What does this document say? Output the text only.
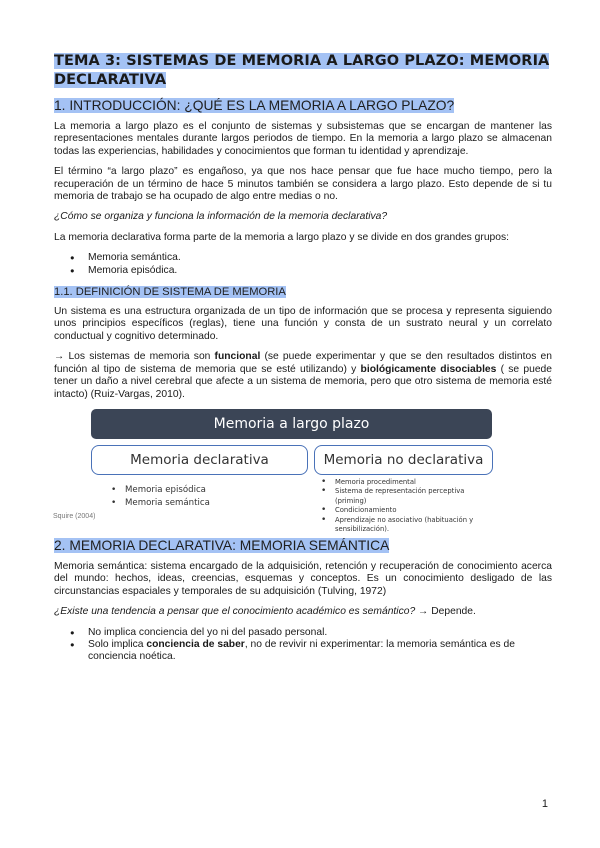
TEMA 3: SISTEMAS DE MEMORIA A LARGO PLAZO: MEMORIA DECLARATIVA
1. INTRODUCCIÓN: ¿QUÉ ES LA MEMORIA A LARGO PLAZO?

La memoria a largo plazo es el conjunto de sistemas y subsistemas que se encargan de mantener las representaciones mentales durante largos periodos de tiempo. En la memoria a largo plazo se almacenan todas las experiencias, habilidades y conocimientos que forman tu identidad y aprendizaje.

El término “a largo plazo” es engañoso, ya que nos hace pensar que fue hace mucho tiempo, pero la recuperación de un término de hace 5 minutos también se considera a largo plazo. Esto depende de si tu memoria de trabajo se ha ocupado de algo entre medias o no.

¿Cómo se organiza y funciona la información de la memoria declarativa?

La memoria declarativa forma parte de la memoria a largo plazo y se divide en dos grandes grupos:

● Memoria semántica.
● Memoria episódica.
1.1. DEFINICIÓN DE SISTEMA DE MEMORIA

Un sistema es una estructura organizada de un tipo de información que se procesa y representa siguiendo unos principios específicos (reglas), tiene una función y consta de un sustrato neural y un correlato conductual y cognitivo determinado.

→ Los sistemas de memoria son funcional (se puede experimentar y que se den resultados distintos en función al tipo de sistema de memoria que se esté utilizando) y biológicamente disociables ( se puede tener un daño a nivel cerebral que afecte a un sistema de memoria, pero que otro sistema de memoria esté intacto) (Ruiz-Vargas, 2010).

Memoria a largo plazo
Memoria declarativa	Memoria no declarativa
• Memoria episódica
• Memoria semántica
• Memoria procedimental
• Sistema de representación perceptiva (priming)
• Condicionamiento
• Aprendizaje no asociativo (habituación y sensibilización).
Squire (2004)
2. MEMORIA DECLARATIVA: MEMORIA SEMÁNTICA

Memoria semántica: sistema encargado de la adquisición, retención y recuperación de conocimiento acerca del mundo: hechos, ideas, creencias, esquemas y conceptos. Es un conocimiento desligado de las circunstancias espaciales y temporales de su adquisición (Tulving, 1972)

¿Existe una tendencia a pensar que el conocimiento académico es semántico? → Depende.

● No implica conciencia del yo ni del pasado personal.
● Solo implica conciencia de saber, no de revivir ni experimentar: la memoria semántica es de conciencia noética.
1
